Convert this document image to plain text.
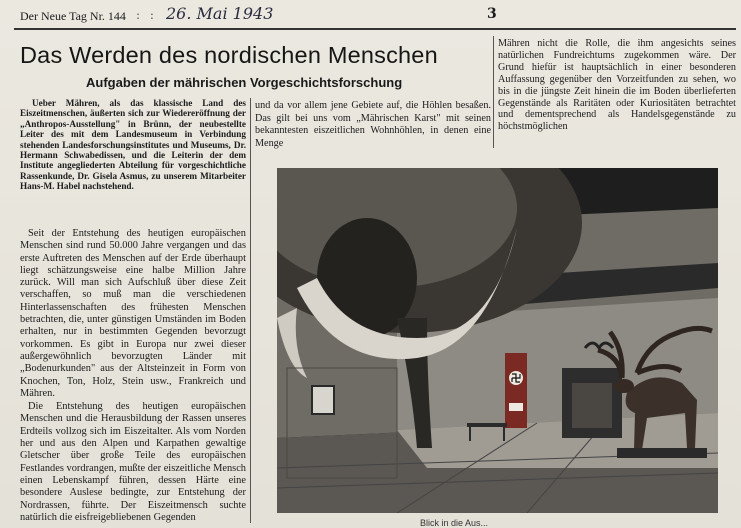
Der Neue Tag Nr. 144 : : 26. Mai 1943	3
Das Werden des nordischen Menschen
Aufgaben der mährischen Vorgeschichtsforschung

Ueber Mähren, als das klassische Land des Eiszeitmenschen, äußerten sich zur Wiedereröffnung der „Anthropos-Ausstellung" in Brünn, der neubestellte Leiter des mit dem Landesmuseum in Verbindung stehenden Landesforschungsinstitutes und Museums, Dr. Hermann Schwabedissen, und die Leiterin der dem Institute angegliederten Abteilung für vorgeschichtliche Rassenkunde, Dr. Gisela Asmus, zu unserem Mitarbeiter Hans-M. Habel nachstehend.

Seit der Entstehung des heutigen europäischen Menschen sind rund 50.000 Jahre vergangen und das erste Auftreten des Menschen auf der Erde überhaupt liegt schätzungsweise eine halbe Million Jahre zurück. Will man sich Aufschluß über diese Zeit verschaffen, so muß man die verschiedenen Hinterlassenschaften des frühesten Menschen betrachten, die, unter günstigen Umständen im Boden erhalten, nur in bestimmten Gegenden bevorzugt vorkommen. Es gibt in Europa nur zwei dieser außergewöhnlich bevorzugten Länder mit „Bodenurkunden" aus der Altsteinzeit in Form von Knochen, Ton, Holz, Stein usw., Frankreich und Mähren.

Die Entstehung des heutigen europäischen Menschen und die Herausbildung der Rassen unseres Erdteils vollzog sich im Eiszeitalter. Als vom Norden her und aus den Alpen und Karpathen gewaltige Gletscher über große Teile des europäischen Festlandes vordrangen, mußte der eiszeitliche Mensch einen Lebenskampf führen, dessen Härte eine besondere Auslese bedingte, zur Entstehung der Nordrassen, führte. Der Eiszeitmensch suchte natürlich die eisfreigebliebenen Gegenden

und da vor allem jene Gebiete auf, die Höhlen besaßen. Das gilt bei uns vom „Mährischen Karst" mit seinen bekanntesten eiszeitlichen Wohnhöhlen, in denen eine Menge

Mähren nicht die Rolle, die ihm angesichts seines natürlichen Fundreichtums zugekommen wäre. Der Grund hiefür ist hauptsächlich in einer besonderen Auffassung gegenüber den Vorzeitfunden zu sehen, wo bis in die jüngste Zeit hinein die im Boden überlieferten Gegenstände als Raritäten oder Kuriositäten betrachtet und dementsprechend als Handelsgegenstände zu höchstmöglichen

Blick in die Aus...
